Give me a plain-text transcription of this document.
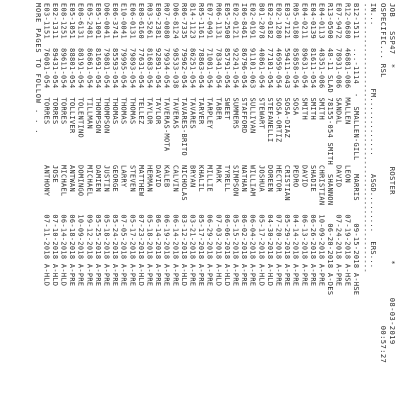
JOB   SSP47  *                     ROSTER              *       08-03-2019
OSPECIFIC... RSL                                                     00:57:27
IN...              FM.............    ASGD.........  ERS...
------------------------------------------------------------
B12-1511  ...-1114  -  SMALLEN-GILL   MARRIS     09-15-2018 A-HSE
R12-0680  46881-086  MALLEN         LEON       07-19-2018 A-HSE
E07-9472  78931-086  SANDAL         DAVID      07-24-2018 A-PRE
R13-0500  48-11 SLAD 78155-054 SMITH  SHANNON    06-20-2018 A-DES
E04-0113  48351-086  SMITH          CHRISTIAN  10-09-2018 A-PRE
E04-0139  81611-054  SMITH          SHADIE     06-26-2018 A-PRE
E04-0211  89631-054  SMITH          DAVID      06-13-2018 A-PRE
R05-0180  85858-054  SOSA           PEDRO      04-14-2018 A-PRE
E03-7121  59411-043  SOSA-DIAZ      CRISTIAN   05-29-2018 A-PRE
E02-1280  46959-054  SOSA-ORTIZ     HECTOR     07-20-2018 A-PRE
E02-0182  77101-054  STEFANELLI     DOREEN     04-30-2018 A-HLD
B01-2078  40861-054  STEWART        JOSHUA     05-17-2018 A-HLD
E02-0191  91101-063  SULLIVAN       WILLIAM    06-04-2018 A-PRE
I06-8461  86796-054  STAFFORD       NATHAN     06-02-2018 A-PRE
E02-0121  92241-054  SUMMERS        SIMPSON    05-15-2018 A-PRE
E05-2500  85791-054  SWEET          TYRELL     06-06-2018 A-HLD
R06-1131  78341-054  TABER          MARK       07-03-2018 A-HLD
E07-0491  71081-054  TARPLEY        MILLIE     06-29-2018 A-PRE
R05-1161  78863-054  TARVER         KHALIL     05-17-2018 A-PRE
B14-1123  86251-054  TAVARES        BRYAN      03-21-2018 A-PRE
R06-7335  79962-054  TAVARES-BRITO  NICHOLAS   03-12-2018 A-HLD
D06-8124  98533-038  TAVERAS        CALVIN     06-14-2018 A-PRE
R07-0080  79934-054  TAVERAS-MOTA   KALEB      06-19-2018 A-PRE
E09-2381  92891-054  TAYLOR         DAVID      06-14-2018 A-PRE
R03-5261  81683-054  TAYLOR         HERMAN     05-18-2018 A-PRE
E08-6160  77631-054  TELLEZ         MATTHEW    07-23-2018 A-HLD
E06-0131  79893-054  THOMAS         STEVEN     05-17-2018 A-PRE
E10-0041  79995-054  THOMAS         LARRY      07-05-2018 A-PRE
E06-3741  85593-054  THOMAS         GEORGE     05-24-2018 A-PRE
D06-0041  79881-054  THOMPSON       JUSTIN     05-18-2018 A-PRE
E05-1001  81691-054  THOMPSON       DAMIEN     05-25-2018 A-PRE
E05-2481  86861-054  TILLMAN        MICHAEL    09-12-2018 A-PRE
E08-6131  88191-054  TOLENTINO      DOMINGO    10-09-2018 A-PRE
E05-1051  88801-054  TOLLIVER       ANTWAN     06-18-2018 A-PRE
E08-1251  89611-054  TORRES         MICHAEL    06-14-2018 A-HLD
E02-1311  89431-054  TORRES         JOSE       07-10-2018 A-HLD
E03-1151  76081-054  TORRES         ANTHONY    07-11-2018 A-HLD
MORE PAGES TO FOLLOW . . .
